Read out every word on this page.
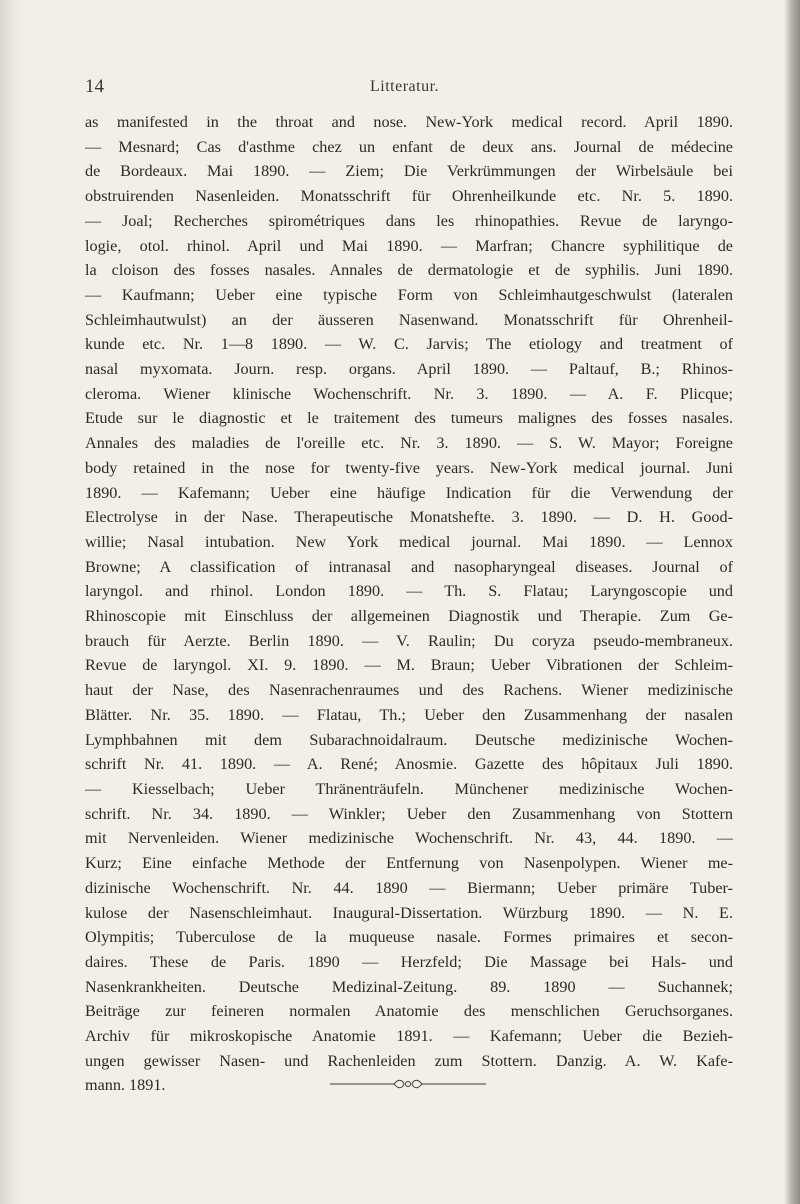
14	Litteratur.
as manifested in the throat and nose. New-York medical record. April 1890.
— Mesnard; Cas d'asthme chez un enfant de deux ans. Journal de médecine
de Bordeaux. Mai 1890. — Ziem; Die Verkrümmungen der Wirbelsäule bei
obstruirenden Nasenleiden. Monatsschrift für Ohrenheilkunde etc. Nr. 5. 1890.
— Joal; Recherches spirométriques dans les rhinopathies. Revue de laryngo-
logie, otol. rhinol. April und Mai 1890. — Marfran; Chancre syphilitique de
la cloison des fosses nasales. Annales de dermatologie et de syphilis. Juni 1890.
— Kaufmann; Ueber eine typische Form von Schleimhautgeschwulst (lateralen
Schleimhautwulst) an der äusseren Nasenwand. Monatsschrift für Ohrenheil-
kunde etc. Nr. 1—8 1890. — W. C. Jarvis; The etiology and treatment of
nasal myxomata. Journ. resp. organs. April 1890. — Paltauf, B.; Rhinos-
cleroma. Wiener klinische Wochenschrift. Nr. 3. 1890. — A. F. Plicque;
Etude sur le diagnostic et le traitement des tumeurs malignes des fosses nasales.
Annales des maladies de l'oreille etc. Nr. 3. 1890. — S. W. Mayor; Foreigne
body retained in the nose for twenty-five years. New-York medical journal. Juni
1890. — Kafemann; Ueber eine häufige Indication für die Verwendung der
Electrolyse in der Nase. Therapeutische Monatshefte. 3. 1890. — D. H. Good-
willie; Nasal intubation. New York medical journal. Mai 1890. — Lennox
Browne; A classification of intranasal and nasopharyngeal diseases. Journal of
laryngol. and rhinol. London 1890. — Th. S. Flatau; Laryngoscopie und
Rhinoscopie mit Einschluss der allgemeinen Diagnostik und Therapie. Zum Ge-
brauch für Aerzte. Berlin 1890. — V. Raulin; Du coryza pseudo-membraneux.
Revue de laryngol. XI. 9. 1890. — M. Braun; Ueber Vibrationen der Schleim-
haut der Nase, des Nasenrachenraumes und des Rachens. Wiener medizinische
Blätter. Nr. 35. 1890. — Flatau, Th.; Ueber den Zusammenhang der nasalen
Lymphbahnen mit dem Subarachnoidalraum. Deutsche medizinische Wochen-
schrift Nr. 41. 1890. — A. René; Anosmie. Gazette des hôpitaux Juli 1890.
— Kiesselbach; Ueber Thränenträufeln. Münchener medizinische Wochen-
schrift. Nr. 34. 1890. — Winkler; Ueber den Zusammenhang von Stottern
mit Nervenleiden. Wiener medizinische Wochenschrift. Nr. 43, 44. 1890. —
Kurz; Eine einfache Methode der Entfernung von Nasenpolypen. Wiener me-
dizinische Wochenschrift. Nr. 44. 1890 — Biermann; Ueber primäre Tuber-
kulose der Nasenschleimhaut. Inaugural-Dissertation. Würzburg 1890. — N. E.
Olympitis; Tuberculose de la muqueuse nasale. Formes primaires et secon-
daires. These de Paris. 1890 — Herzfeld; Die Massage bei Hals- und
Nasenkrankheiten. Deutsche Medizinal-Zeitung. 89. 1890 — Suchannek;
Beiträge zur feineren normalen Anatomie des menschlichen Geruchsorganes.
Archiv für mikroskopische Anatomie 1891. — Kafemann; Ueber die Bezieh-
ungen gewisser Nasen- und Rachenleiden zum Stottern. Danzig. A. W. Kafe-
mann. 1891.
